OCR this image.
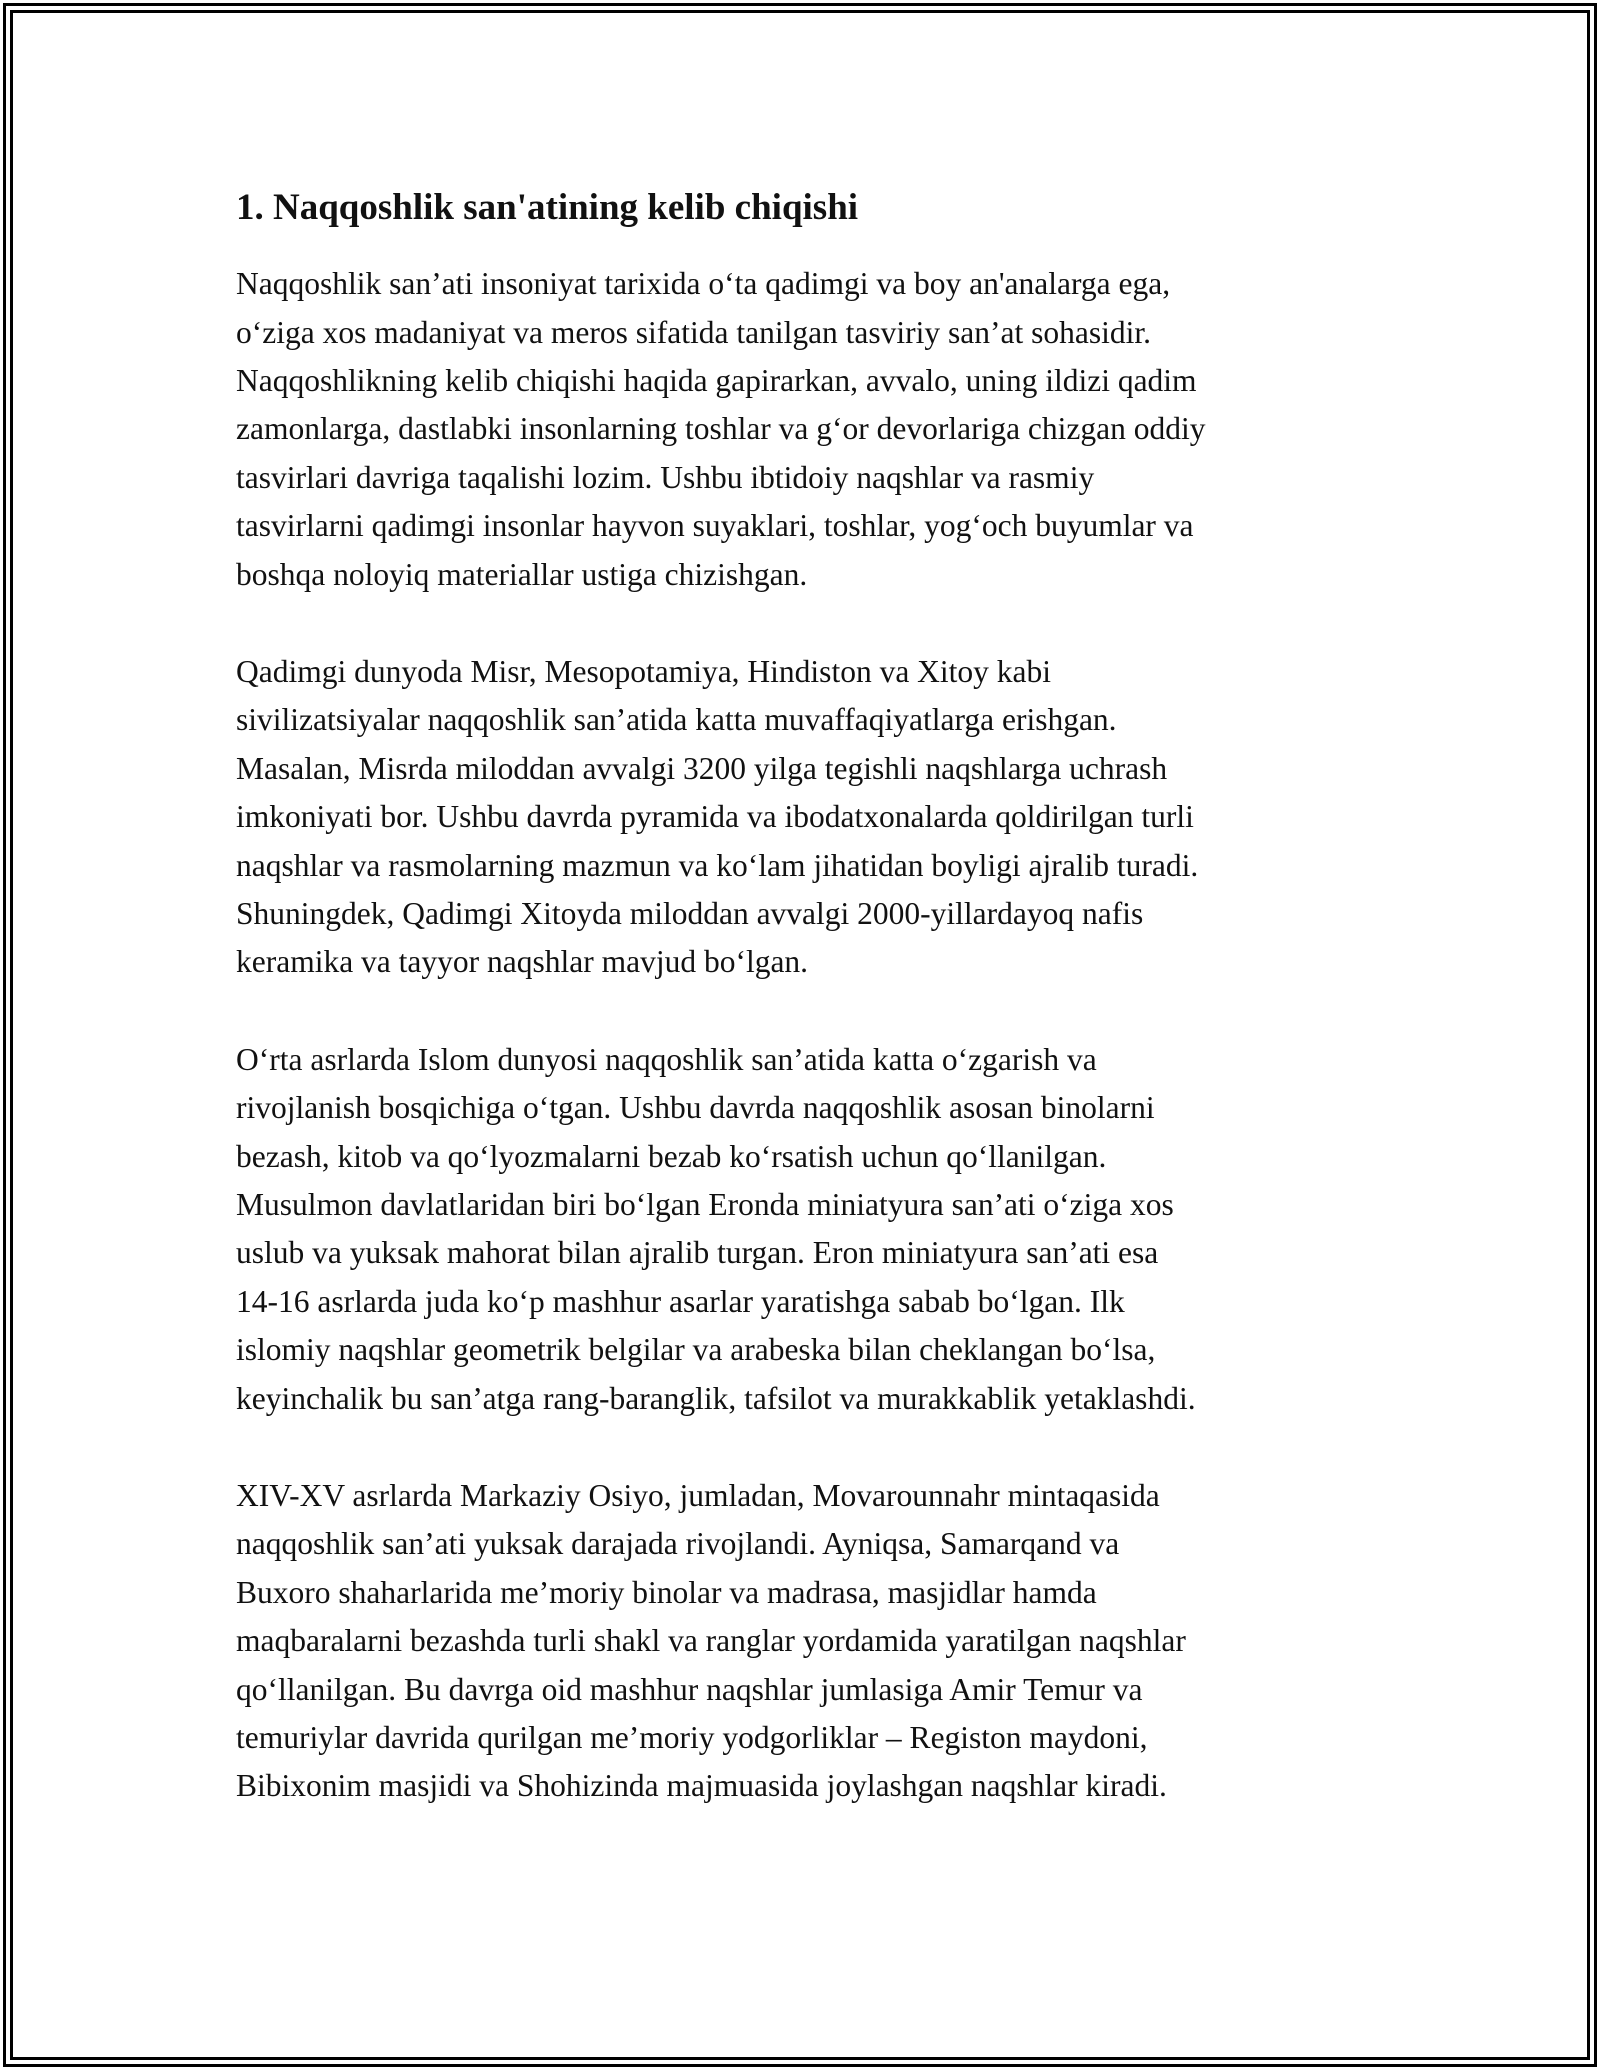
1. Naqqoshlik san'atining kelib chiqishi
Naqqoshlik san’ati insoniyat tarixida o‘ta qadimgi va boy an'analarga ega,
o‘ziga xos madaniyat va meros sifatida tanilgan tasviriy san’at sohasidir.
Naqqoshlikning kelib chiqishi haqida gapirarkan, avvalo, uning ildizi qadim
zamonlarga, dastlabki insonlarning toshlar va g‘or devorlariga chizgan oddiy
tasvirlari davriga taqalishi lozim. Ushbu ibtidoiy naqshlar va rasmiy
tasvirlarni qadimgi insonlar hayvon suyaklari, toshlar, yog‘och buyumlar va
boshqa noloyiq materiallar ustiga chizishgan.
Qadimgi dunyoda Misr, Mesopotamiya, Hindiston va Xitoy kabi
sivilizatsiyalar naqqoshlik san’atida katta muvaffaqiyatlarga erishgan.
Masalan, Misrda miloddan avvalgi 3200 yilga tegishli naqshlarga uchrash
imkoniyati bor. Ushbu davrda pyramida va ibodatxonalarda qoldirilgan turli
naqshlar va rasmolarning mazmun va ko‘lam jihatidan boyligi ajralib turadi.
Shuningdek, Qadimgi Xitoyda miloddan avvalgi 2000-yillardayoq nafis
keramika va tayyor naqshlar mavjud bo‘lgan.
O‘rta asrlarda Islom dunyosi naqqoshlik san’atida katta o‘zgarish va
rivojlanish bosqichiga o‘tgan. Ushbu davrda naqqoshlik asosan binolarni
bezash, kitob va qo‘lyozmalarni bezab ko‘rsatish uchun qo‘llanilgan.
Musulmon davlatlaridan biri bo‘lgan Eronda miniatyura san’ati o‘ziga xos
uslub va yuksak mahorat bilan ajralib turgan. Eron miniatyura san’ati esa
14-16 asrlarda juda ko‘p mashhur asarlar yaratishga sabab bo‘lgan. Ilk
islomiy naqshlar geometrik belgilar va arabeska bilan cheklangan bo‘lsa,
keyinchalik bu san’atga rang-baranglik, tafsilot va murakkablik yetaklashdi.
XIV-XV asrlarda Markaziy Osiyo, jumladan, Movarounnahr mintaqasida
naqqoshlik san’ati yuksak darajada rivojlandi. Ayniqsa, Samarqand va
Buxoro shaharlarida me’moriy binolar va madrasa, masjidlar hamda
maqbaralarni bezashda turli shakl va ranglar yordamida yaratilgan naqshlar
qo‘llanilgan. Bu davrga oid mashhur naqshlar jumlasiga Amir Temur va
temuriylar davrida qurilgan me’moriy yodgorliklar – Registon maydoni,
Bibixonim masjidi va Shohizinda majmuasida joylashgan naqshlar kiradi.
